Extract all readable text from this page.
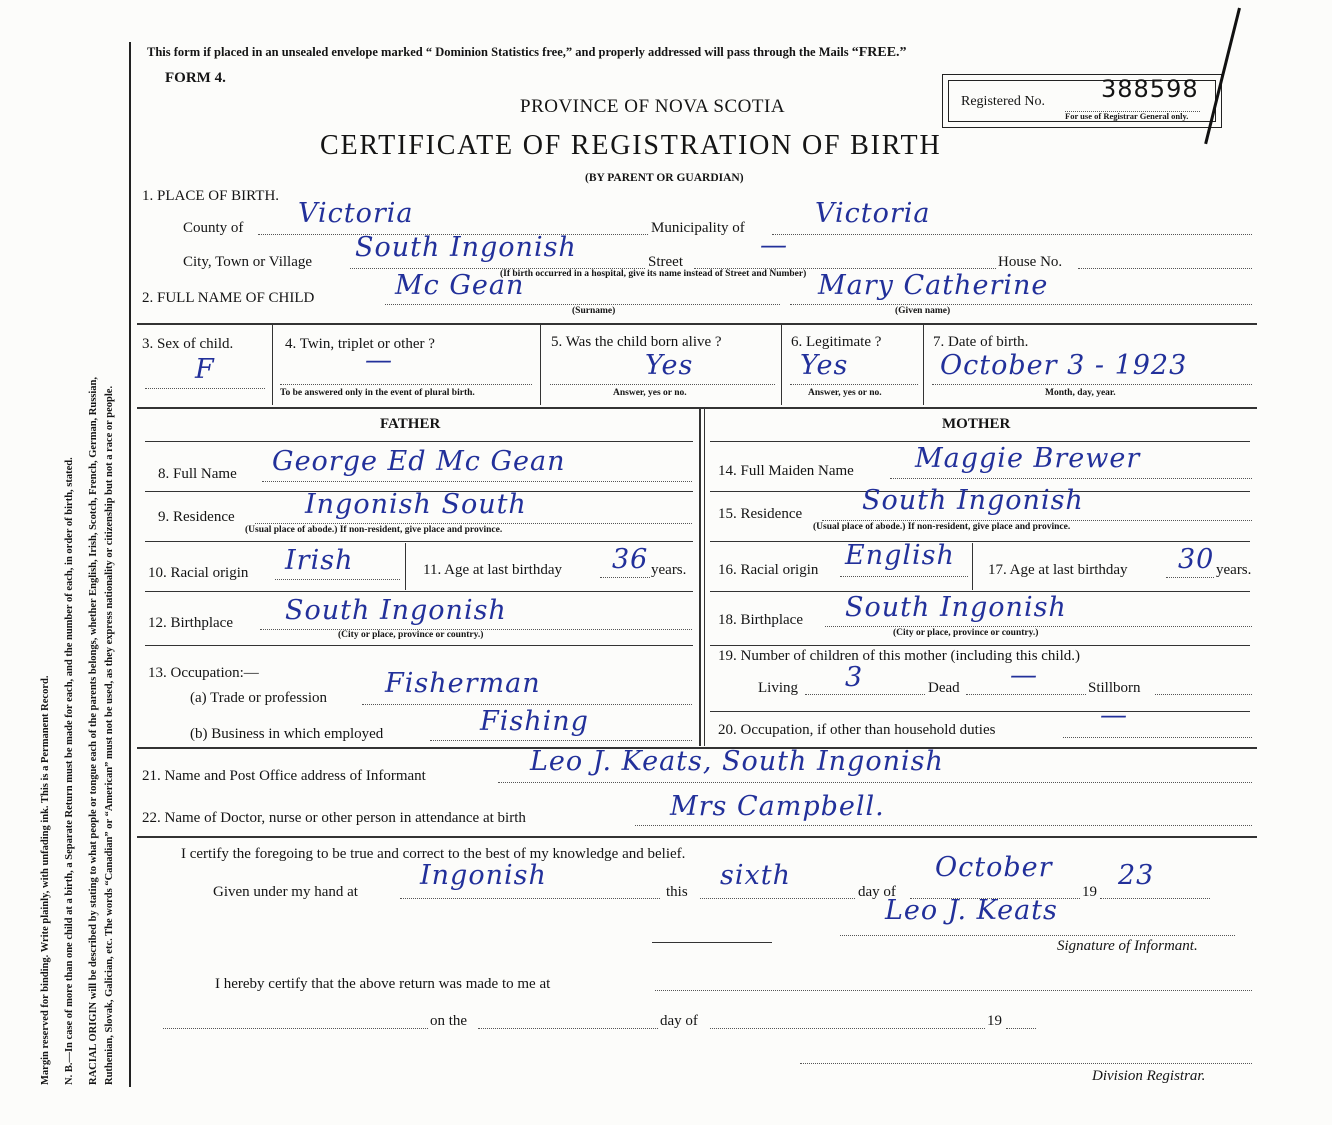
Margin reserved for binding. Write plainly, with unfading ink. This is a Permanent Record. N. B.—In case of more than one child at a birth, a Separate Return must be made for each, and the number of each, in order of birth, stated. RACIAL ORIGIN will be described by stating to what people or tongue each of the parents belongs, whether English, Irish, Scotch, French, German, Russian, Ruthenian, Slovak, Galician, etc. The words “Canadian” or “American” must not be used, as they express nationality or citizenship but not a race or people.
This form if placed in an unsealed envelope marked “ Dominion Statistics free,” and properly addressed will pass through the Mails “FREE.”
FORM 4.
PROVINCE OF NOVA SCOTIA
CERTIFICATE OF REGISTRATION OF BIRTH
(BY PARENT OR GUARDIAN)
Registered No. 388598
For use of Registrar General only.
1. PLACE OF BIRTH.
County of Victoria	Municipality of	Victoria
City, Town or Village South Ingonish	Street
—
House No.
(If birth occurred in a hospital, give its name instead of Street and Number)
2. FULL NAME OF CHILD	Mc Gean	Mary Catherine
(Surname)	(Given name)
3. Sex of child.
F
4. Twin, triplet or other ?
—
To be answered only in the event of plural birth.
5. Was the child born alive ?
Yes
Answer, yes or no.
6. Legitimate ?
Yes
Answer, yes or no.
7. Date of birth.
October 3 - 1923
Month, day, year.
FATHER	MOTHER
8. Full Name George Ed Mc Gean
9. Residence	Ingonish South
(Usual place of abode.) If non-resident, give place and province.
10. Racial origin Irish	11. Age at last birthday 36 years.
12. Birthplace South Ingonish
(City or place, province or country.)
13. Occupation:—
(a) Trade or profession Fisherman
(b) Business in which employed	Fishing
14. Full Maiden Name Maggie Brewer
15. Residence South Ingonish
(Usual place of abode.) If non-resident, give place and province.
16. Racial origin English 17. Age at last birthday 30 years.
18. Birthplace South Ingonish
(City or place, province or country.)
19. Number of children of this mother (including this child.)
Living 3	Dead —	Stillborn
20. Occupation, if other than household duties	—
21. Name and Post Office address of Informant	Leo J. Keats, South Ingonish
22. Name of Doctor, nurse or other person in attendance at birth	Mrs Campbell.
I certify the foregoing to be true and correct to the best of my knowledge and belief.
Given under my hand at
Ingonish
this
sixth
day of
October
19
23
Leo J. Keats
Signature of Informant.
I hereby certify that the above return was made to me at
on the	day of	19
Division Registrar.
